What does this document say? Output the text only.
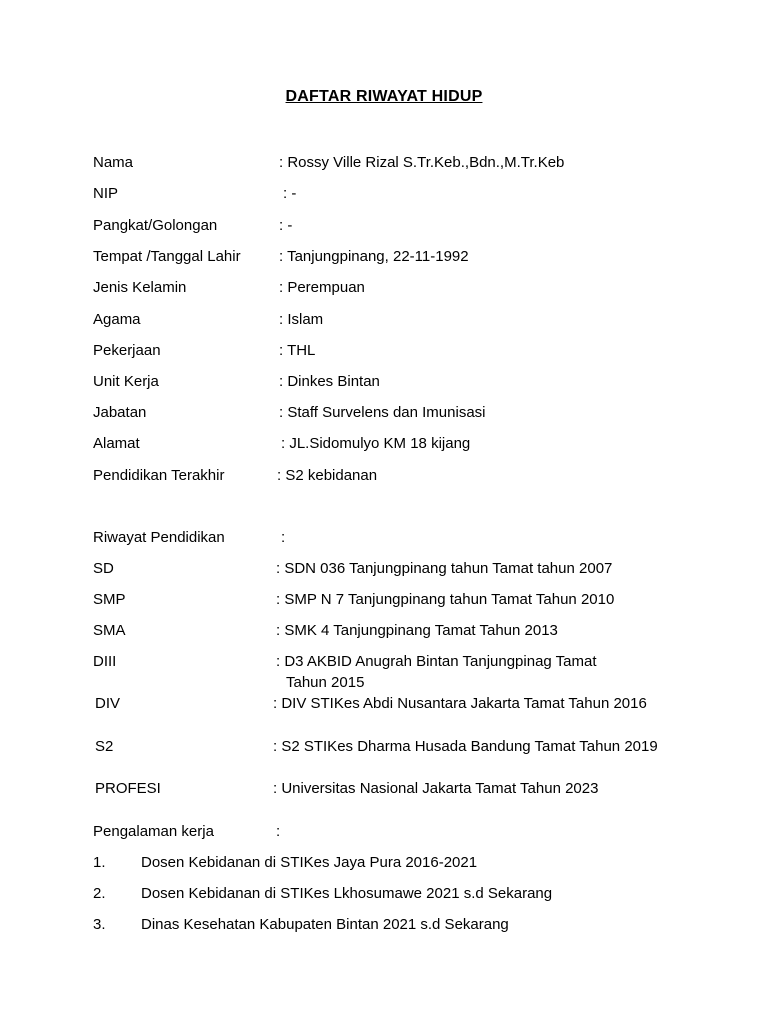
DAFTAR RIWAYAT HIDUP
Nama	: Rossy Ville Rizal S.Tr.Keb.,Bdn.,M.Tr.Keb
NIP	: -
Pangkat/Golongan	: -
Tempat /Tanggal Lahir	: Tanjungpinang, 22-11-1992
Jenis Kelamin	: Perempuan
Agama	: Islam
Pekerjaan	: THL
Unit Kerja	: Dinkes Bintan
Jabatan	: Staff Survelens dan Imunisasi
Alamat	: JL.Sidomulyo KM 18 kijang
Pendidikan Terakhir	: S2 kebidanan
Riwayat Pendidikan	:
SD	: SDN 036 Tanjungpinang tahun Tamat tahun 2007
SMP	: SMP N 7 Tanjungpinang tahun Tamat Tahun 2010
SMA	: SMK 4 Tanjungpinang Tamat Tahun 2013
DIII	: D3 AKBID Anugrah Bintan Tanjungpinag Tamat
Tahun 2015
DIV	: DIV STIKes Abdi Nusantara Jakarta Tamat Tahun 2016
S2	: S2 STIKes Dharma Husada Bandung Tamat Tahun 2019
PROFESI	: Universitas Nasional Jakarta Tamat Tahun 2023
Pengalaman kerja	:
1. Dosen Kebidanan di STIKes Jaya Pura 2016-2021
2. Dosen Kebidanan di STIKes Lkhosumawe 2021 s.d Sekarang
3. Dinas Kesehatan Kabupaten Bintan 2021 s.d Sekarang
